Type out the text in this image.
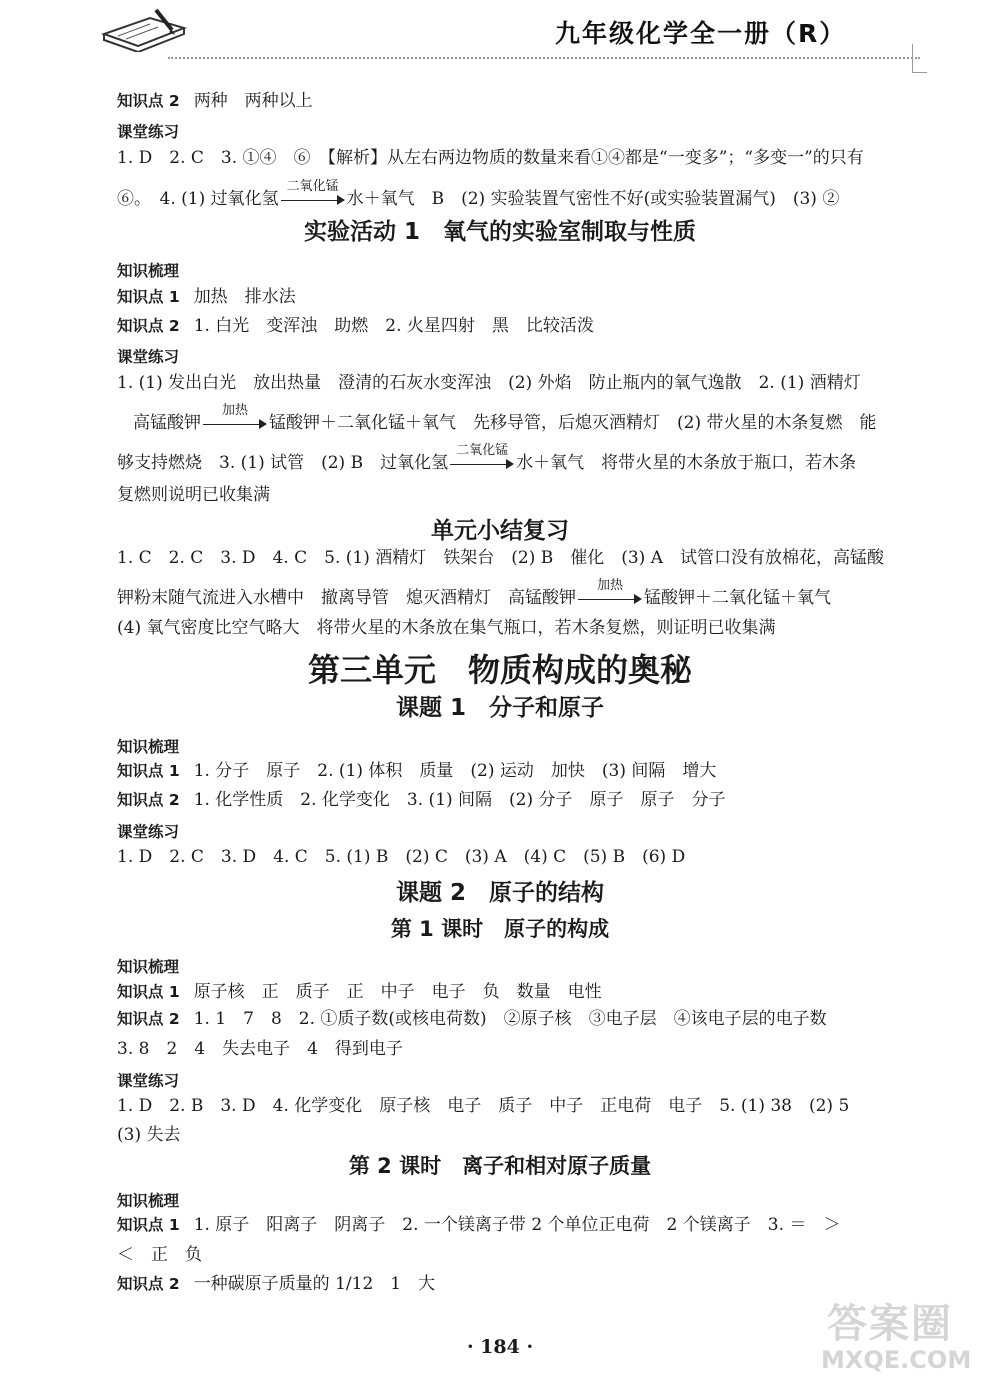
九年级化学全一册（R）
知识点 2 两种　两种以上
课堂练习
1. D　2. C　3. ①④　⑥　【解析】从左右两边物质的数量来看①④都是“一变多”；“多变一”的只有
⑥。　4. (1) 过氧化氢
二氧化锰
水＋氧气　B　(2) 实验装置气密性不好(或实验装置漏气)　(3) ②
实验活动 1　氧气的实验室制取与性质
知识梳理
知识点 1 加热　排水法
知识点 2 1. 白光　变浑浊　助燃　2. 火星四射　黑　比较活泼
课堂练习
1. (1) 发出白光　放出热量　澄清的石灰水变浑浊　(2) 外焰　防止瓶内的氧气逸散　2. (1) 酒精灯
高锰酸钾
加热
锰酸钾＋二氧化锰＋氧气　先移导管，后熄灭酒精灯　(2) 带火星的木条复燃　能
够支持燃烧　3. (1) 试管　(2) B　过氧化氢
二氧化锰
水＋氧气　将带火星的木条放于瓶口，若木条
复燃则说明已收集满
单元小结复习
1. C　2. C　3. D　4. C　5. (1) 酒精灯　铁架台　(2) B　催化　(3) A　试管口没有放棉花，高锰酸
钾粉末随气流进入水槽中　撤离导管　熄灭酒精灯　高锰酸钾
加热
锰酸钾＋二氧化锰＋氧气
(4) 氧气密度比空气略大　将带火星的木条放在集气瓶口，若木条复燃，则证明已收集满
第三单元　物质构成的奥秘
课题 1　分子和原子
知识梳理
知识点 1 1. 分子　原子　2. (1) 体积　质量　(2) 运动　加快　(3) 间隔　增大
知识点 2 1. 化学性质　2. 化学变化　3. (1) 间隔　(2) 分子　原子　原子　分子
课堂练习
1. D　2. C　3. D　4. C　5. (1) B　(2) C　(3) A　(4) C　(5) B　(6) D
课题 2　原子的结构
第 1 课时　原子的构成
知识梳理
知识点 1 原子核　正　质子　正　中子　电子　负　数量　电性
知识点 2 1. 1　7　8　2. ①质子数(或核电荷数)　②原子核　③电子层　④该电子层的电子数
3. 8　2　4　失去电子　4　得到电子
课堂练习
1. D　2. B　3. D　4. 化学变化　原子核　电子　质子　中子　正电荷　电子　5. (1) 38　(2) 5
(3) 失去
第 2 课时　离子和相对原子质量
知识梳理
知识点 1 1. 原子　阳离子　阴离子　2. 一个镁离子带 2 个单位正电荷　2 个镁离子　3. ＝　＞
＜　正　负
知识点 2 一种碳原子质量的 1/12　1　大
· 184 ·	答案圈
MXQE.COM
